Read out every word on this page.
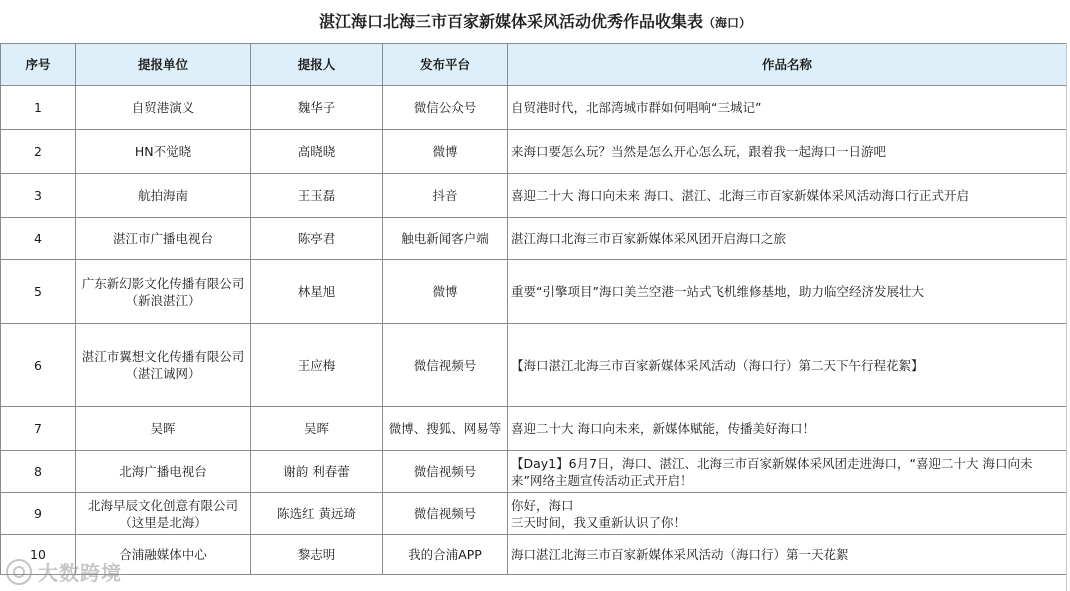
湛江海口北海三市百家新媒体采风活动优秀作品收集表（海口）
序号	提报单位	提报人	发布平台	作品名称
1	自贸港演义	魏华子	微信公众号	自贸港时代，北部湾城市群如何唱响“三城记”
2	HN不觉晓	高晓晓	微博	来海口要怎么玩？当然是怎么开心怎么玩，跟着我一起海口一日游吧
3	航拍海南	王玉磊	抖音	喜迎二十大 海口向未来 海口、湛江、北海三市百家新媒体采风活动海口行正式开启
4	湛江市广播电视台	陈亭君	触电新闻客户端	湛江海口北海三市百家新媒体采风团开启海口之旅
5	广东新幻影文化传播有限公司（新浪湛江）	林星旭	微博	重要“引擎项目”海口美兰空港一站式飞机维修基地，助力临空经济发展壮大
6	湛江市翼想文化传播有限公司（湛江诚网）	王应梅	微信视频号	【海口湛江北海三市百家新媒体采风活动（海口行）第二天下午行程花絮】
7	吴晖	吴晖	微博、搜狐、网易等	喜迎二十大 海口向未来，新媒体赋能，传播美好海口！
8	北海广播电视台	谢韵 利春蕾	微信视频号	【Day1】6月7日，海口、湛江、北海三市百家新媒体采风团走进海口，“喜迎二十大 海口向未来”网络主题宣传活动正式开启！
9	北海早辰文化创意有限公司（这里是北海）	陈选红 黄远琦	微信视频号	你好，海口
三天时间，我又重新认识了你！
10	合浦融媒体中心	黎志明	我的合浦APP	海口湛江北海三市百家新媒体采风活动（海口行）第一天花絮
大数跨境
